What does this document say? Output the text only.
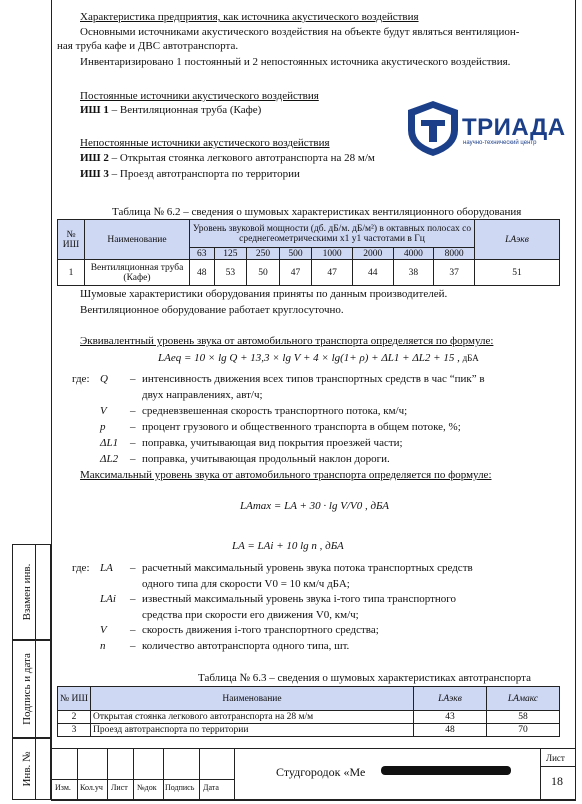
Взамен инв.
Подпись и дата
Инв. №
Характеристика предприятия, как источника акустического воздействия
Основными источниками акустического воздействия на объекте будут являться вентиляцион-
ная труба кафе и ДВС автотранспорта.
Инвентаризировано 1 постоянный и 2 непостоянных источника акустического воздействия.
Постоянные источники акустического воздействия
ИШ 1 – Вентиляционная труба (Кафе)
Непостоянные источники акустического воздействия
ИШ 2 – Открытая стоянка легкового автотранспорта на 28 м/м
ИШ 3 – Проезд автотранспорта по территории
ТРИАДА
научно-технический центр
Таблица № 6.2 – сведения о шумовых характеристиках вентиляционного оборудования
№ ИШ	Наименование	Уровень звуковой мощности (дб. дБ/м. дБ/м²) в октавных полосах со среднегеометрическими х1 у1 частотами в Гц								LАэкв
		63	125	250	500	1000	2000	4000	8000	
1	Вентиляционная труба (Кафе)	48	53	50	47	47	44	38	37	51
Шумовые характеристики оборудования приняты по данным производителей.
Вентиляционное оборудование работает круглосуточно.
Эквивалентный уровень звука от автомобильного транспорта определяется по формуле:
LAeq = 10 × lg Q + 13,3 × lg V + 4 × lg(1+ ρ) + ΔL1 + ΔL2 + 15 , дБА
где: Q – интенсивность движения всех типов транспортных средств в час “пик” в
двух направлениях, авт/ч;
V – средневзвешенная скорость транспортного потока, км/ч;
p – процент грузового и общественного транспорта в общем потоке, %;
ΔL1 – поправка, учитывающая вид покрытия проезжей части;
ΔL2 – поправка, учитывающая продольный наклон дороги.
Максимальный уровень звука от автомобильного транспорта определяется по формуле:
LAmax = LA + 30 · lg V/V0 , дБА
LA = LAi + 10 lg n , дБА
где: LA – расчетный максимальный уровень звука потока транспортных средств
одного типа для скорости V0 = 10 км/ч дБА;
LAi – известный максимальный уровень звука i-того типа транспортного
средства при скорости его движения V0, км/ч;
V – скорость движения i-того транспортного средства;
n – количество автотранспорта одного типа, шт.
Таблица № 6.3 – сведения о шумовых характеристиках автотранспорта
№ ИШ	Наименование	LАэкв	LАмакс
2	Открытая стоянка легкового автотранспорта на 28 м/м	43	58
3	Проезд автотранспорта по территории	48	70
Изм. Кол.уч Лист №док Подпись Дата
Студгородок «Ме
Лист
18
